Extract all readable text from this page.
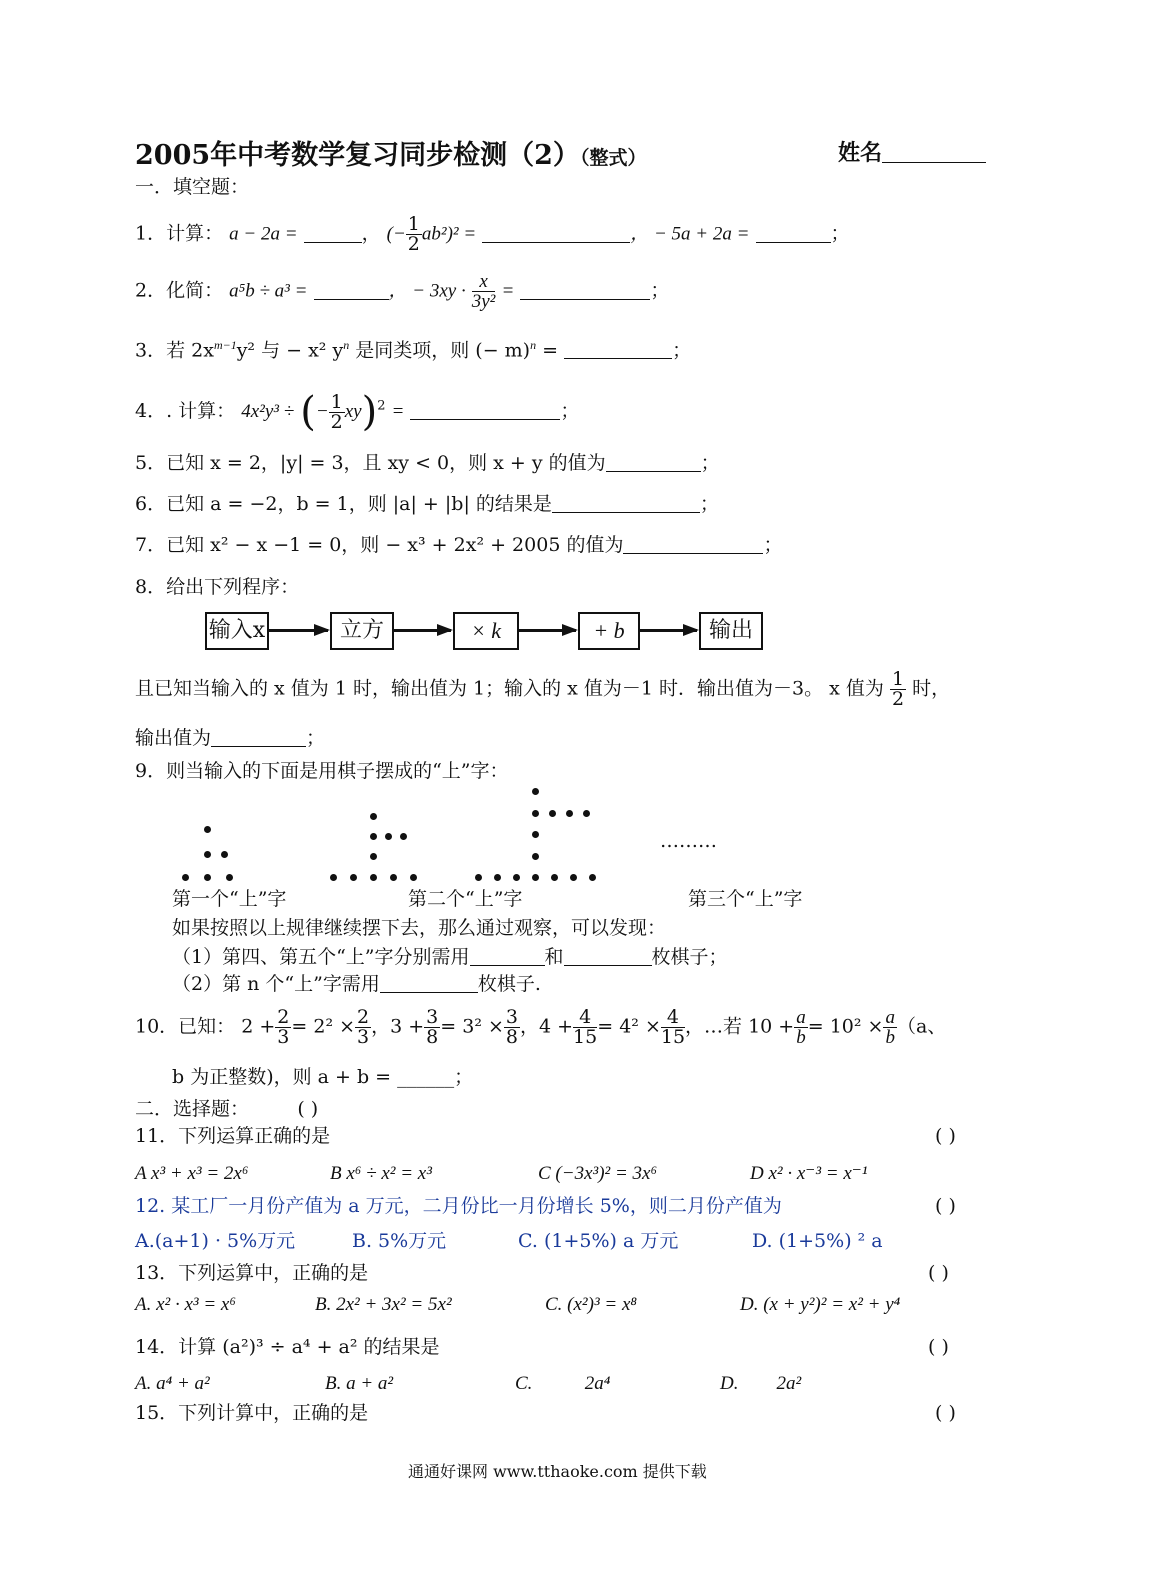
2005年中考数学复习同步检测（2）（整式）	姓名
一．填空题：
1．计算： a − 2a =	， (− $\frac{1}{2} ab^2)^2$ =	， − 5a + 2a =	；
2．化简： a⁵b ÷ a³ =	， − $3xy \cdot \frac{x}{\text{3y²}}$ =	；
3．若 $2x^{m-1}y^2$ 与 − x² $y^n$ 是同类项，则 (− m)$^n$ =	；
4．. 计算： 4x²y³ ÷ (− $\frac{1}{2} xy)^2$ =	；
5．已知 x = 2，|y| = 3，且 xy < 0，则 x + y 的值为	；
6．已知 a = −2，b = 1，则 |a| + |b| 的结果是	；
7．已知 x² − x −1 = 0，则 − x³ + 2x² + 2005 的值为	；
8．给出下列程序：
输入x	立方	× k	+ b	输出
且已知当输入的 x 值为 1 时，输出值为 1；输入的 x 值为－1 时．输出值为－3。 x 值为 $\frac{1}{2}$ 时，
输出值为	；
9．则当输入的下面是用棋子摆成的“上”字：
………
第一个“上”字	第二个“上”字	第三个“上”字
如果按照以上规律继续摆下去，那么通过观察，可以发现：
（1）第四、第五个“上”字分别需用	和	枚棋子；
（2）第 n 个“上”字需用	枚棋子.
10．已知： $2 + \frac{2}{3} = 2^2 \times \frac{2}{3}$ ，$3 + \frac{3}{8} = 3^2 \times \frac{3}{8}$ ，$4 + \frac{4}{15} = 4^2 \times \frac{4}{15}$ ，…若 $10 + \frac{a}{b} = 10^2 \times \frac{a}{b} (a$、
b 为正整数)，则 a + b = ______；
二．选择题：	( )
11．下列运算正确的是	( )
A x³ + x³ = 2x⁶	B x⁶ ÷ x² = x³	C (−3x³)² = 3x⁶	D x² · x⁻³ = x⁻¹
12. 某工厂一月份产值为 a 万元，二月份比一月份增长 5%，则二月份产值为	( )
A.(a+1) · 5%万元	B. 5%万元	C. (1+5%) a 万元	D. (1+5%) ² a
13．下列运算中，正确的是	( )
A. x² · x³ = x⁶	B. 2x² + 3x² = 5x²	C. (x²)³ = x⁸	D. (x + y²)² = x² + y⁴
14．计算 (a²)³ ÷ a⁴ + a² 的结果是	( )
A. a⁴ + a²	B. a + a²	C.	2a⁴	D. 2a²
15．下列计算中，正确的是	( )
通通好课网 www.tthaoke.com 提供下载
